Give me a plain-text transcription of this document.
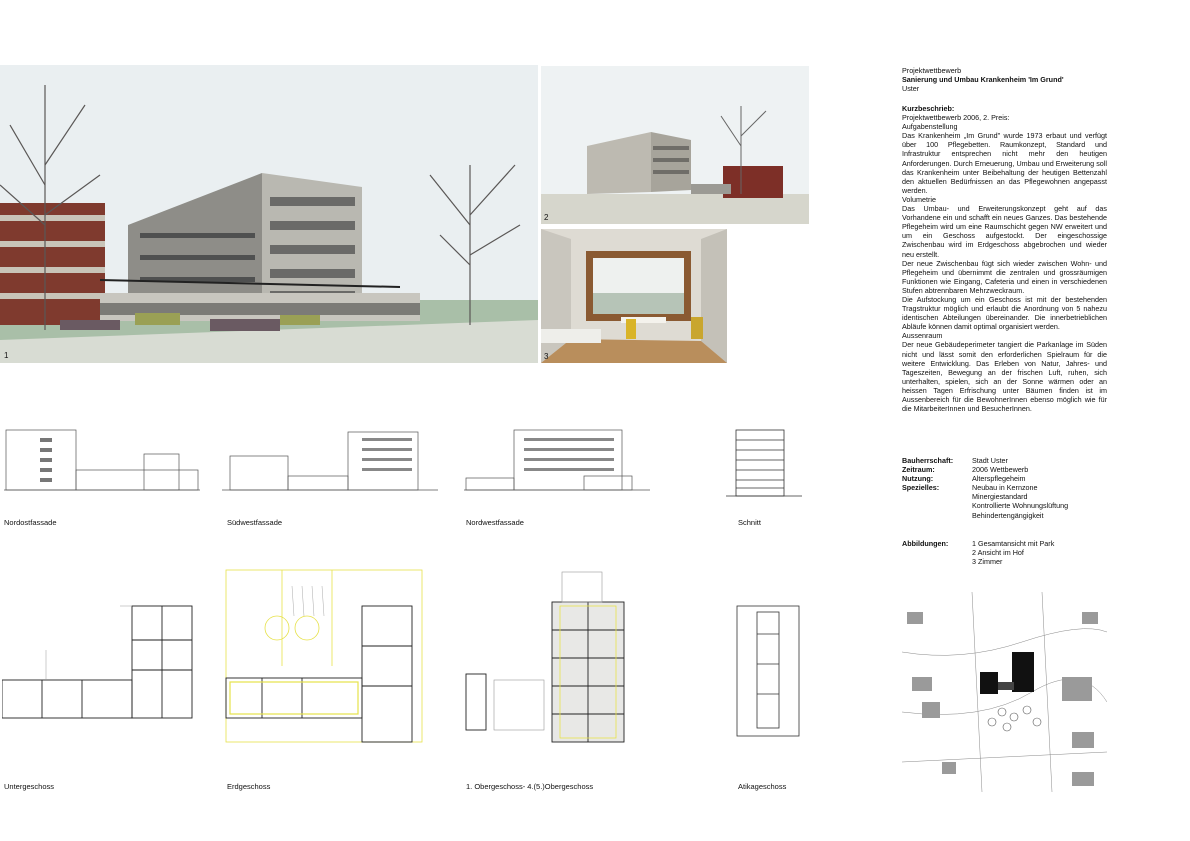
1
2
3

Projektwettbewerb

Sanierung und Umbau Krankenheim 'Im Grund'

Uster

Kurzbeschrieb:

Projektwettbewerb 2006, 2. Preis:

Aufgabenstellung

Das Krankenheim „Im Grund" wurde 1973 erbaut und verfügt über 100 Pflegebetten. Raumkonzept, Standard und Infrastruktur entsprechen nicht mehr den heutigen Anforderungen. Durch Erneuerung, Umbau und Erweiterung soll das Krankenheim unter Beibehaltung der heutigen Bettenzahl den aktuellen Bedürfnissen an das Pflegewohnen angepasst werden.

Volumetrie

Das Umbau- und Erweiterungskonzept geht auf das Vorhandene ein und schafft ein neues Ganzes. Das bestehende Pflegeheim wird um eine Raumschicht gegen NW erweitert und um ein Geschoss aufgestockt. Der eingeschossige Zwischenbau wird im Erdgeschoss abgebrochen und wieder neu erstellt.

Der neue Zwischenbau fügt sich wieder zwischen Wohn- und Pflegeheim und übernimmt die zentralen und grossräumigen Funktionen wie Eingang, Cafeteria und einen in verschiedenen Stufen abtrennbaren Mehrzweckraum.

Die Aufstockung um ein Geschoss ist mit der bestehenden Tragstruktur möglich und erlaubt die Anordnung von 5 nahezu identischen Abteilungen übereinander. Die innerbetrieblichen Abläufe können damit optimal organisiert werden.

Aussenraum

Der neue Gebäudeperimeter tangiert die Parkanlage im Süden nicht und lässt somit den erforderlichen Spielraum für die weitere Entwicklung. Das Erleben von Natur, Jahres- und Tageszeiten, Bewegung an der frischen Luft, ruhen, sich unterhalten, spielen, sich an der Sonne wärmen oder an heissen Tagen Erfrischung unter Bäumen finden ist im Aussenbereich für die BewohnerInnen ebenso möglich wie für die MitarbeiterInnen und BesucherInnen.

Bauherrschaft:	Stadt Uster
Zeitraum:	2006 Wettbewerb
Nutzung:	Alterspflegeheim
Spezielles:	Neubau in Kernzone
Minergiestandard
Kontrollierte Wohnungslüftung
Behindertengängigkeit
Abbildungen:	1 Gesamtansicht mit Park
2 Ansicht im Hof
3 Zimmer
Nordostfassade	Südwestfassade	Nordwestfassade	Schnitt
Untergeschoss	Erdgeschoss	1. Obergeschoss- 4.(5.)Obergeschoss	Atikageschoss
